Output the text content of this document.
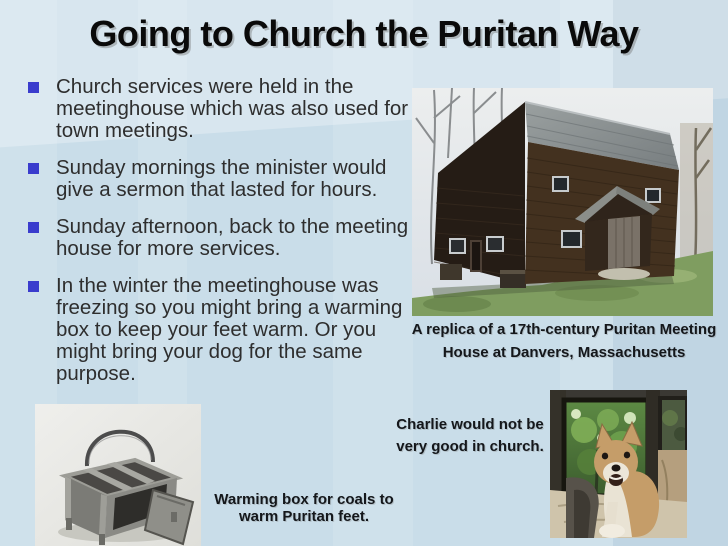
Going to Church the Puritan Way
Church services were held in the meetinghouse which was also used for town meetings.
Sunday mornings the minister would give a sermon that lasted for hours.
Sunday afternoon, back to the meeting house for more services.
In the winter the meetinghouse was freezing so you might bring a warming box to keep your feet warm. Or you might bring your dog for the same purpose.
A replica of a 17th-century Puritan Meeting
House at Danvers, Massachusetts
Charlie would not be
very good in church.
Warming box for coals to
warm Puritan feet.
